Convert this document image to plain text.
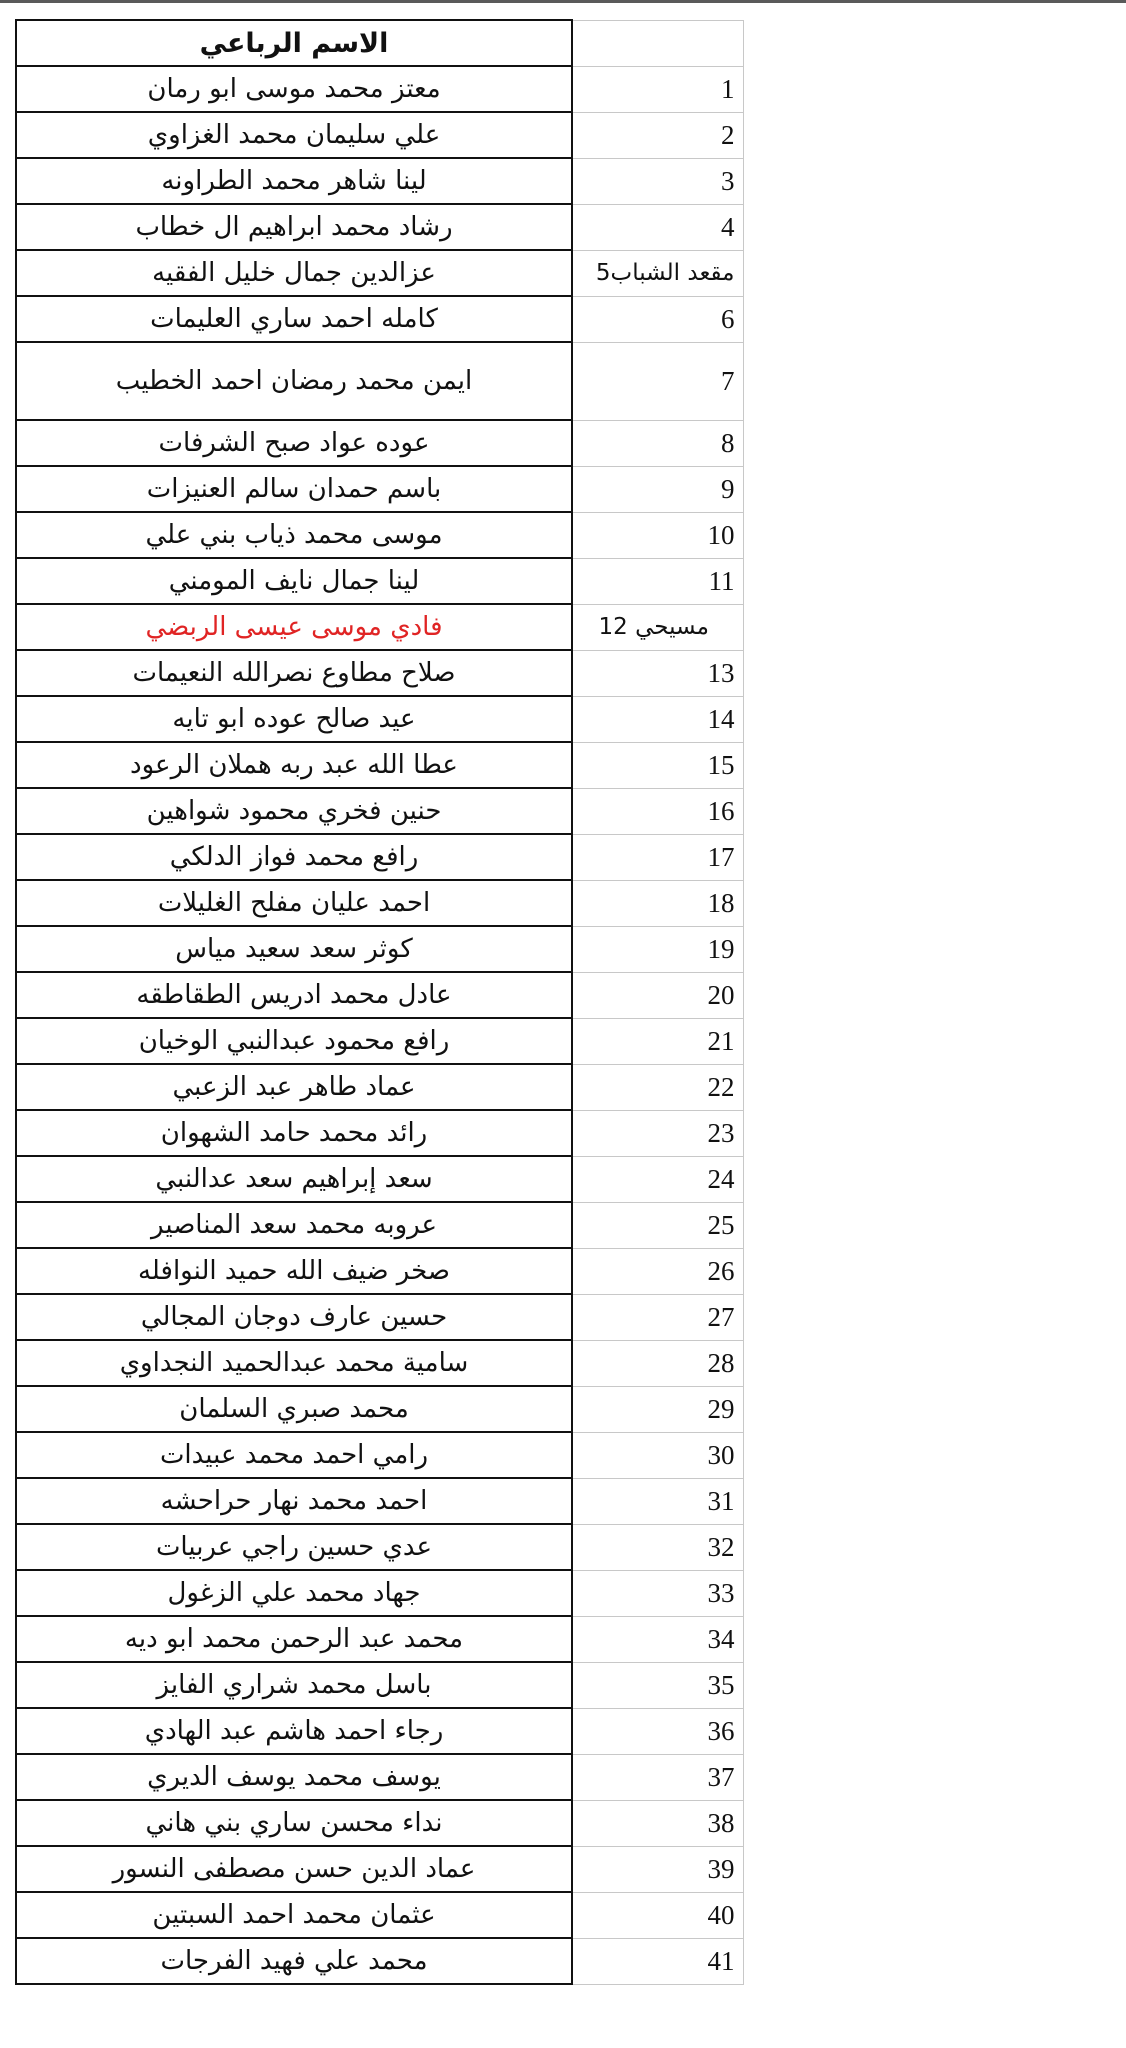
الاسم الرباعي	
معتز محمد موسى ابو رمان	1
علي سليمان محمد الغزاوي	2
لينا شاهر محمد الطراونه	3
رشاد محمد ابراهيم ال خطاب	4
عزالدين جمال خليل الفقيه	مقعد الشباب5
كامله احمد ساري العليمات	6
ايمن محمد رمضان احمد الخطيب	7
عوده عواد صبح الشرفات	8
باسم حمدان سالم العنيزات	9
موسى محمد ذياب بني علي	10
لينا جمال نايف المومني	11
فادي موسى عيسى الربضي	مسيحي 12
صلاح مطاوع نصرالله النعيمات	13
عيد صالح عوده ابو تايه	14
عطا الله عبد ربه هملان الرعود	15
حنين فخري محمود شواهين	16
رافع محمد فواز الدلكي	17
احمد عليان مفلح الغليلات	18
كوثر سعد سعيد مياس	19
عادل محمد ادريس الطقاطقه	20
رافع محمود عبدالنبي الوخيان	21
عماد طاهر عبد الزعبي	22
رائد محمد حامد الشهوان	23
سعد إبراهيم سعد عدالنبي	24
عروبه محمد سعد المناصير	25
صخر ضيف الله حميد النوافله	26
حسين عارف دوجان المجالي	27
سامية محمد عبدالحميد النجداوي	28
محمد صبري السلمان	29
رامي احمد محمد عبيدات	30
احمد محمد نهار حراحشه	31
عدي حسين راجي عربيات	32
جهاد محمد علي الزغول	33
محمد عبد الرحمن محمد ابو ديه	34
باسل محمد شراري الفايز	35
رجاء احمد هاشم عبد الهادي	36
يوسف محمد يوسف الديري	37
نداء محسن ساري بني هاني	38
عماد الدين حسن مصطفى النسور	39
عثمان محمد احمد السبتين	40
محمد علي فهيد الفرجات	41
